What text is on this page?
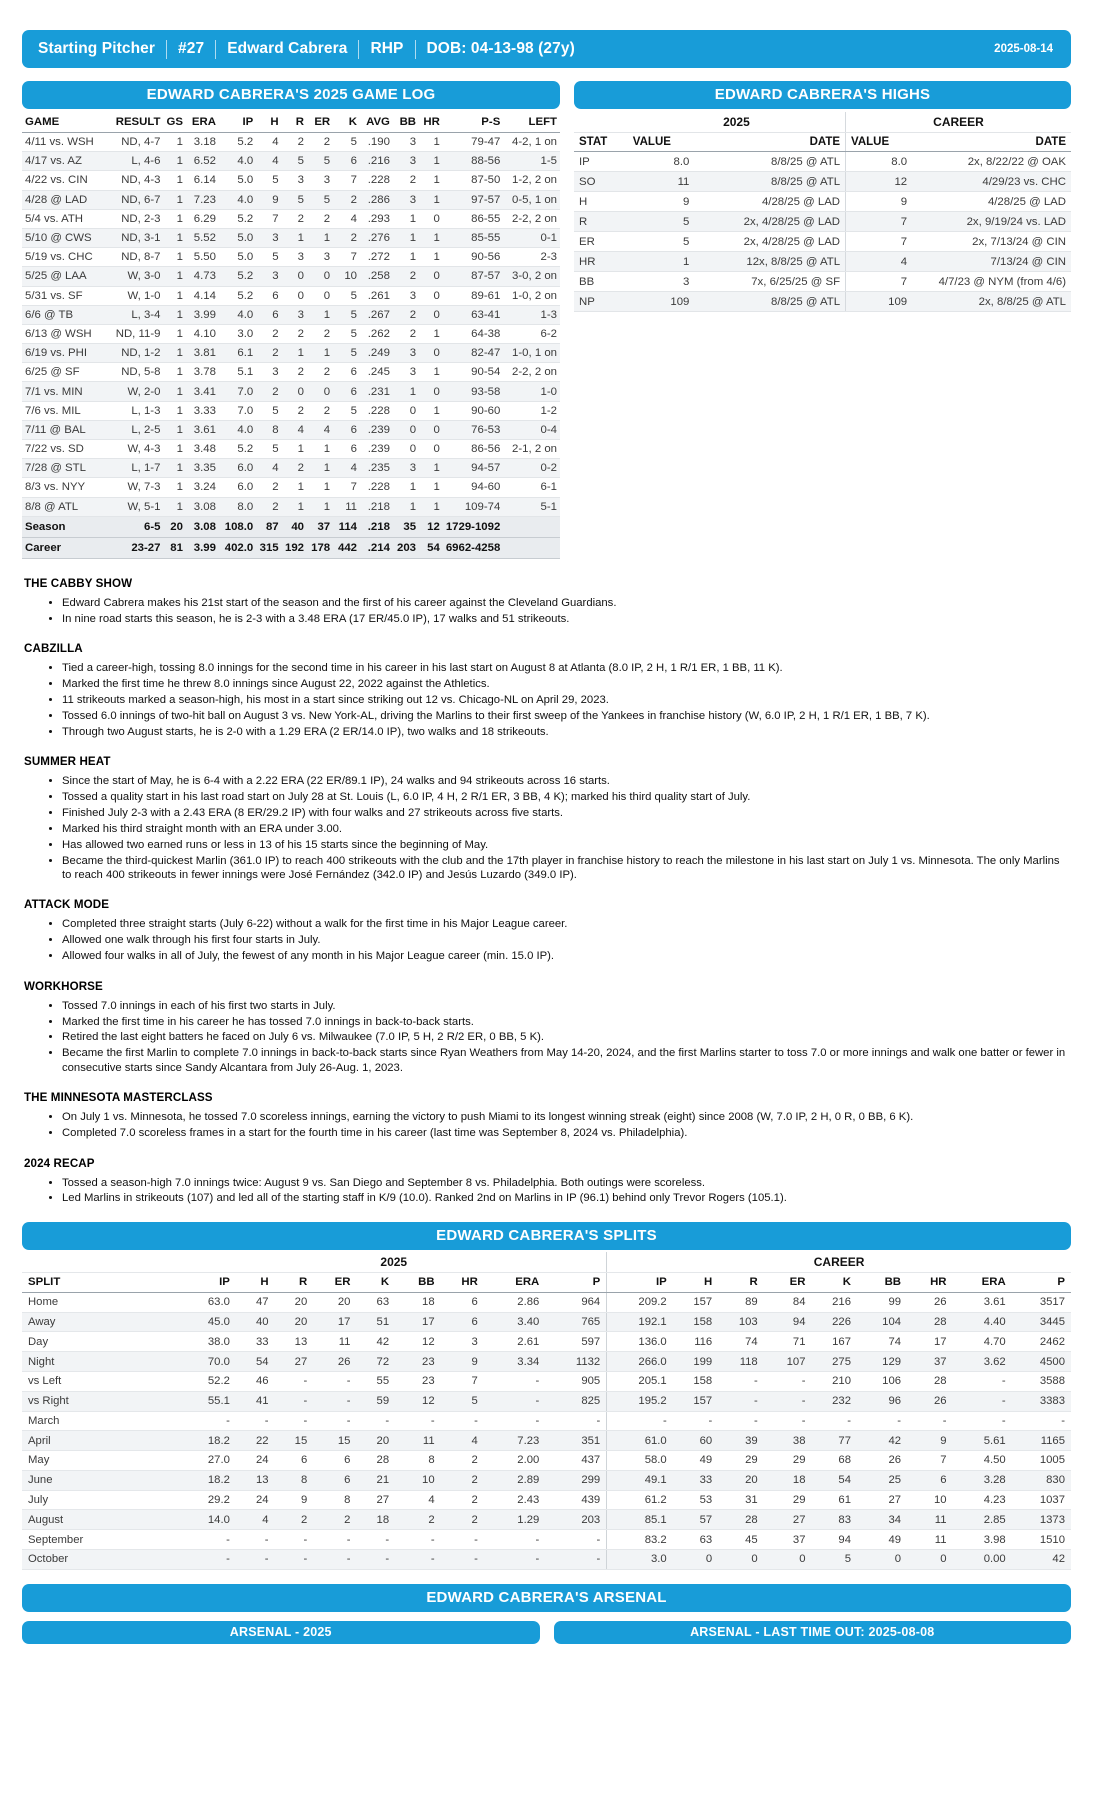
Starting Pitcher	#27	Edward Cabrera	RHP	DOB: 04-13-98 (27y)	2025-08-14
EDWARD CABRERA'S 2025 GAME LOG
GAME	RESULT	GS	ERA	IP	H	R	ER	K	AVG	BB	HR	P-S	LEFT
4/11 vs. WSH	ND, 4-7	1	3.18	5.2	4	2	2	5	.190	3	1	79-47	4-2, 1 on
4/17 vs. AZ	L, 4-6	1	6.52	4.0	4	5	5	6	.216	3	1	88-56	1-5
4/22 vs. CIN	ND, 4-3	1	6.14	5.0	5	3	3	7	.228	2	1	87-50	1-2, 2 on
4/28 @ LAD	ND, 6-7	1	7.23	4.0	9	5	5	2	.286	3	1	97-57	0-5, 1 on
5/4 vs. ATH	ND, 2-3	1	6.29	5.2	7	2	2	4	.293	1	0	86-55	2-2, 2 on
5/10 @ CWS	ND, 3-1	1	5.52	5.0	3	1	1	2	.276	1	1	85-55	0-1
5/19 vs. CHC	ND, 8-7	1	5.50	5.0	5	3	3	7	.272	1	1	90-56	2-3
5/25 @ LAA	W, 3-0	1	4.73	5.2	3	0	0	10	.258	2	0	87-57	3-0, 2 on
5/31 vs. SF	W, 1-0	1	4.14	5.2	6	0	0	5	.261	3	0	89-61	1-0, 2 on
6/6 @ TB	L, 3-4	1	3.99	4.0	6	3	1	5	.267	2	0	63-41	1-3
6/13 @ WSH	ND, 11-9	1	4.10	3.0	2	2	2	5	.262	2	1	64-38	6-2
6/19 vs. PHI	ND, 1-2	1	3.81	6.1	2	1	1	5	.249	3	0	82-47	1-0, 1 on
6/25 @ SF	ND, 5-8	1	3.78	5.1	3	2	2	6	.245	3	1	90-54	2-2, 2 on
7/1 vs. MIN	W, 2-0	1	3.41	7.0	2	0	0	6	.231	1	0	93-58	1-0
7/6 vs. MIL	L, 1-3	1	3.33	7.0	5	2	2	5	.228	0	1	90-60	1-2
7/11 @ BAL	L, 2-5	1	3.61	4.0	8	4	4	6	.239	0	0	76-53	0-4
7/22 vs. SD	W, 4-3	1	3.48	5.2	5	1	1	6	.239	0	0	86-56	2-1, 2 on
7/28 @ STL	L, 1-7	1	3.35	6.0	4	2	1	4	.235	3	1	94-57	0-2
8/3 vs. NYY	W, 7-3	1	3.24	6.0	2	1	1	7	.228	1	1	94-60	6-1
8/8 @ ATL	W, 5-1	1	3.08	8.0	2	1	1	11	.218	1	1	109-74	5-1
Season	6-5	20	3.08	108.0	87	40	37	114	.218	35	12	1729-1092	
Career	23-27	81	3.99	402.0	315	192	178	442	.214	203	54	6962-4258	
EDWARD CABRERA'S HIGHS
	2025		CAREER	
STAT	VALUE	DATE	VALUE	DATE
IP	8.0	8/8/25 @ ATL	8.0	2x, 8/22/22 @ OAK
SO	11	8/8/25 @ ATL	12	4/29/23 vs. CHC
H	9	4/28/25 @ LAD	9	4/28/25 @ LAD
R	5	2x, 4/28/25 @ LAD	7	2x, 9/19/24 vs. LAD
ER	5	2x, 4/28/25 @ LAD	7	2x, 7/13/24 @ CIN
HR	1	12x, 8/8/25 @ ATL	4	7/13/24 @ CIN
BB	3	7x, 6/25/25 @ SF	7	4/7/23 @ NYM (from 4/6)
NP	109	8/8/25 @ ATL	109	2x, 8/8/25 @ ATL
THE CABBY SHOW
• Edward Cabrera makes his 21st start of the season and the first of his career against the Cleveland Guardians.
• In nine road starts this season, he is 2-3 with a 3.48 ERA (17 ER/45.0 IP), 17 walks and 51 strikeouts.
CABZILLA
• Tied a career-high, tossing 8.0 innings for the second time in his career in his last start on August 8 at Atlanta (8.0 IP, 2 H, 1 R/1 ER, 1 BB, 11 K).
• Marked the first time he threw 8.0 innings since August 22, 2022 against the Athletics.
• 11 strikeouts marked a season-high, his most in a start since striking out 12 vs. Chicago-NL on April 29, 2023.
• Tossed 6.0 innings of two-hit ball on August 3 vs. New York-AL, driving the Marlins to their first sweep of the Yankees in franchise history (W, 6.0 IP, 2 H, 1 R/1 ER, 1 BB, 7 K).
• Through two August starts, he is 2-0 with a 1.29 ERA (2 ER/14.0 IP), two walks and 18 strikeouts.
SUMMER HEAT
• Since the start of May, he is 6-4 with a 2.22 ERA (22 ER/89.1 IP), 24 walks and 94 strikeouts across 16 starts.
• Tossed a quality start in his last road start on July 28 at St. Louis (L, 6.0 IP, 4 H, 2 R/1 ER, 3 BB, 4 K); marked his third quality start of July.
• Finished July 2-3 with a 2.43 ERA (8 ER/29.2 IP) with four walks and 27 strikeouts across five starts.
• Marked his third straight month with an ERA under 3.00.
• Has allowed two earned runs or less in 13 of his 15 starts since the beginning of May.
• Became the third-quickest Marlin (361.0 IP) to reach 400 strikeouts with the club and the 17th player in franchise history to reach the milestone in his last start on July 1 vs. Minnesota. The only Marlins to reach 400 strikeouts in fewer innings were José Fernández (342.0 IP) and Jesús Luzardo (349.0 IP).
ATTACK MODE
• Completed three straight starts (July 6-22) without a walk for the first time in his Major League career.
• Allowed one walk through his first four starts in July.
• Allowed four walks in all of July, the fewest of any month in his Major League career (min. 15.0 IP).
WORKHORSE
• Tossed 7.0 innings in each of his first two starts in July.
• Marked the first time in his career he has tossed 7.0 innings in back-to-back starts.
• Retired the last eight batters he faced on July 6 vs. Milwaukee (7.0 IP, 5 H, 2 R/2 ER, 0 BB, 5 K).
• Became the first Marlin to complete 7.0 innings in back-to-back starts since Ryan Weathers from May 14-20, 2024, and the first Marlins starter to toss 7.0 or more innings and walk one batter or fewer in consecutive starts since Sandy Alcantara from July 26-Aug. 1, 2023.
THE MINNESOTA MASTERCLASS
• On July 1 vs. Minnesota, he tossed 7.0 scoreless innings, earning the victory to push Miami to its longest winning streak (eight) since 2008 (W, 7.0 IP, 2 H, 0 R, 0 BB, 6 K).
• Completed 7.0 scoreless frames in a start for the fourth time in his career (last time was September 8, 2024 vs. Philadelphia).
2024 RECAP
• Tossed a season-high 7.0 innings twice: August 9 vs. San Diego and September 8 vs. Philadelphia. Both outings were scoreless.
• Led Marlins in strikeouts (107) and led all of the starting staff in K/9 (10.0). Ranked 2nd on Marlins in IP (96.1) behind only Trevor Rogers (105.1).
EDWARD CABRERA'S SPLITS
	2025									CAREER								
SPLIT	IP	H	R	ER	K	BB	HR	ERA	P	IP	H	R	ER	K	BB	HR	ERA	P
Home	63.0	47	20	20	63	18	6	2.86	964	209.2	157	89	84	216	99	26	3.61	3517
Away	45.0	40	20	17	51	17	6	3.40	765	192.1	158	103	94	226	104	28	4.40	3445
Day	38.0	33	13	11	42	12	3	2.61	597	136.0	116	74	71	167	74	17	4.70	2462
Night	70.0	54	27	26	72	23	9	3.34	1132	266.0	199	118	107	275	129	37	3.62	4500
vs Left	52.2	46	-	-	55	23	7	-	905	205.1	158	-	-	210	106	28	-	3588
vs Right	55.1	41	-	-	59	12	5	-	825	195.2	157	-	-	232	96	26	-	3383
March	-	-	-	-	-	-	-	-	-	-	-	-	-	-	-	-	-	-
April	18.2	22	15	15	20	11	4	7.23	351	61.0	60	39	38	77	42	9	5.61	1165
May	27.0	24	6	6	28	8	2	2.00	437	58.0	49	29	29	68	26	7	4.50	1005
June	18.2	13	8	6	21	10	2	2.89	299	49.1	33	20	18	54	25	6	3.28	830
July	29.2	24	9	8	27	4	2	2.43	439	61.2	53	31	29	61	27	10	4.23	1037
August	14.0	4	2	2	18	2	2	1.29	203	85.1	57	28	27	83	34	11	2.85	1373
September	-	-	-	-	-	-	-	-	-	83.2	63	45	37	94	49	11	3.98	1510
October	-	-	-	-	-	-	-	-	-	3.0	0	0	0	5	0	0	0.00	42
EDWARD CABRERA'S ARSENAL
ARSENAL - 2025	ARSENAL - LAST TIME OUT: 2025-08-08
